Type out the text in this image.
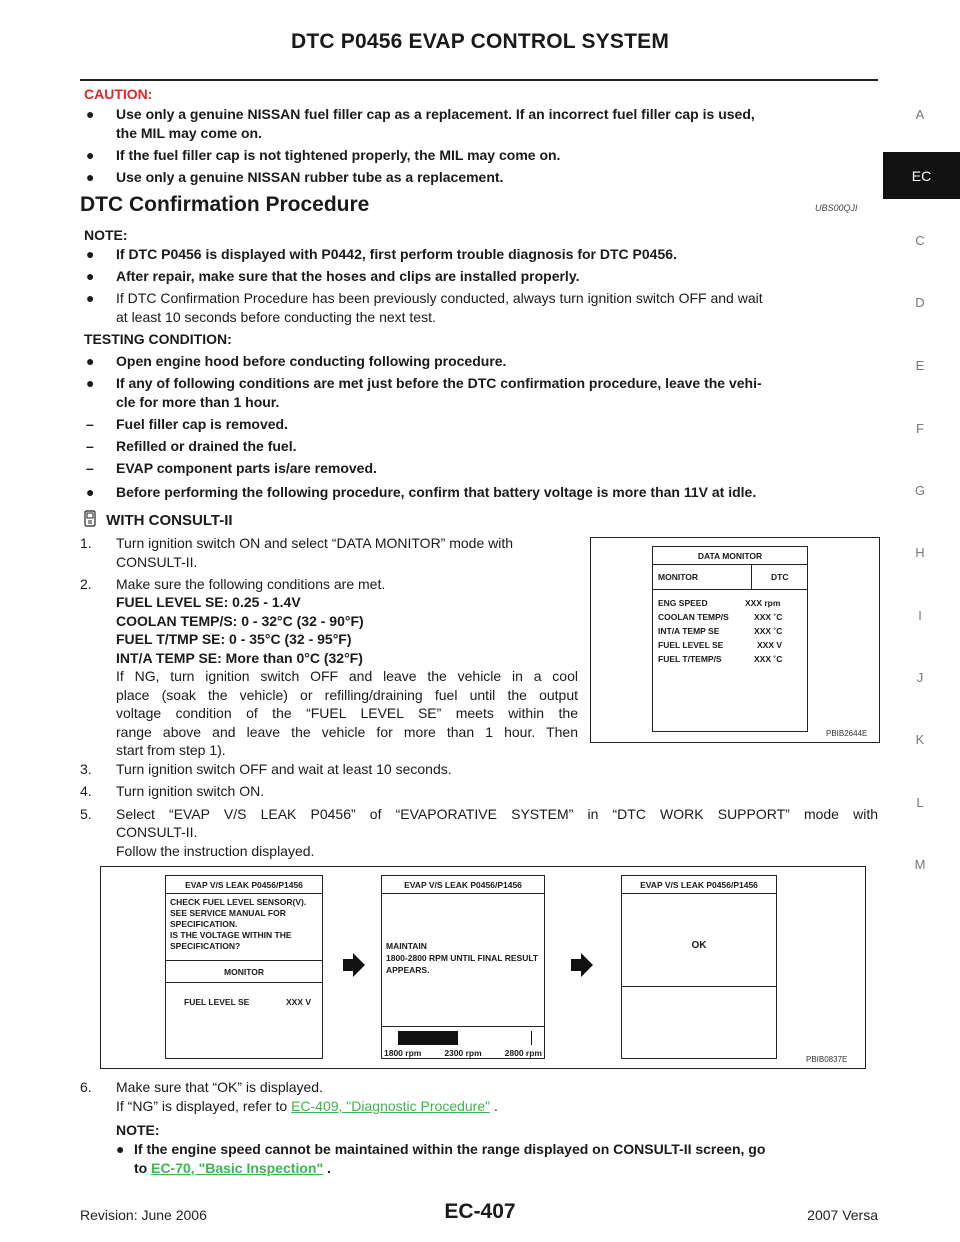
DTC P0456 EVAP CONTROL SYSTEM
A
C
D
E
F
G
H
I
J
K
L
M
EC
CAUTION:
● Use only a genuine NISSAN fuel filler cap as a replacement. If an incorrect fuel filler cap is used,
the MIL may come on.
● If the fuel filler cap is not tightened properly, the MIL may come on.
● Use only a genuine NISSAN rubber tube as a replacement.
DTC Confirmation Procedure	UBS00QJI
NOTE:
● If DTC P0456 is displayed with P0442, first perform trouble diagnosis for DTC P0456.
● After repair, make sure that the hoses and clips are installed properly.
● If DTC Confirmation Procedure has been previously conducted, always turn ignition switch OFF and wait
at least 10 seconds before conducting the next test.
TESTING CONDITION:
● Open engine hood before conducting following procedure.
● If any of following conditions are met just before the DTC confirmation procedure, leave the vehi-
cle for more than 1 hour.
– Fuel filler cap is removed.
– Refilled or drained the fuel.
– EVAP component parts is/are removed.
● Before performing the following procedure, confirm that battery voltage is more than 11V at idle.
WITH CONSULT-II
1. Turn ignition switch ON and select “DATA MONITOR” mode with
CONSULT-II.
2. Make sure the following conditions are met.
FUEL LEVEL SE: 0.25 - 1.4V
COOLAN TEMP/S: 0 - 32°C (32 - 90°F)
FUEL T/TMP SE: 0 - 35°C (32 - 95°F)
INT/A TEMP SE: More than 0°C (32°F)
If NG, turn ignition switch OFF and leave the vehicle in a cool
place (soak the vehicle) or refilling/draining fuel until the output
voltage condition of the “FUEL LEVEL SE” meets within the
range above and leave the vehicle for more than 1 hour. Then
start from step 1).
DATA MONITOR
MONITOR	DTC
ENG SPEED	XXX rpm
COOLAN TEMP/S	XXX ˚C
INT/A TEMP SE	XXX ˚C
FUEL LEVEL SE	XXX V
FUEL T/TEMP/S	XXX ˚C
PBIB2644E
3. Turn ignition switch OFF and wait at least 10 seconds.
4. Turn ignition switch ON.
5. Select “EVAP V/S LEAK P0456” of “EVAPORATIVE SYSTEM” in “DTC WORK SUPPORT” mode with
CONSULT-II.
Follow the instruction displayed.
EVAP V/S LEAK P0456/P1456
CHECK FUEL LEVEL SENSOR(V).
SEE SERVICE MANUAL FOR
SPECIFICATION.
IS THE VOLTAGE WITHIN THE
SPECIFICATION?
MONITOR
FUEL LEVEL SE	XXX V
EVAP V/S LEAK P0456/P1456
MAINTAIN
1800-2800 RPM UNTIL FINAL RESULT
APPEARS.
1800 rpm	2300 rpm	2800 rpm
EVAP V/S LEAK P0456/P1456
OK
PBIB0837E
6. Make sure that “OK” is displayed.
If “NG” is displayed, refer to EC-409, "Diagnostic Procedure" .
NOTE:
● If the engine speed cannot be maintained within the range displayed on CONSULT-II screen, go
to EC-70, "Basic Inspection" .
Revision: June 2006	EC-407	2007 Versa
